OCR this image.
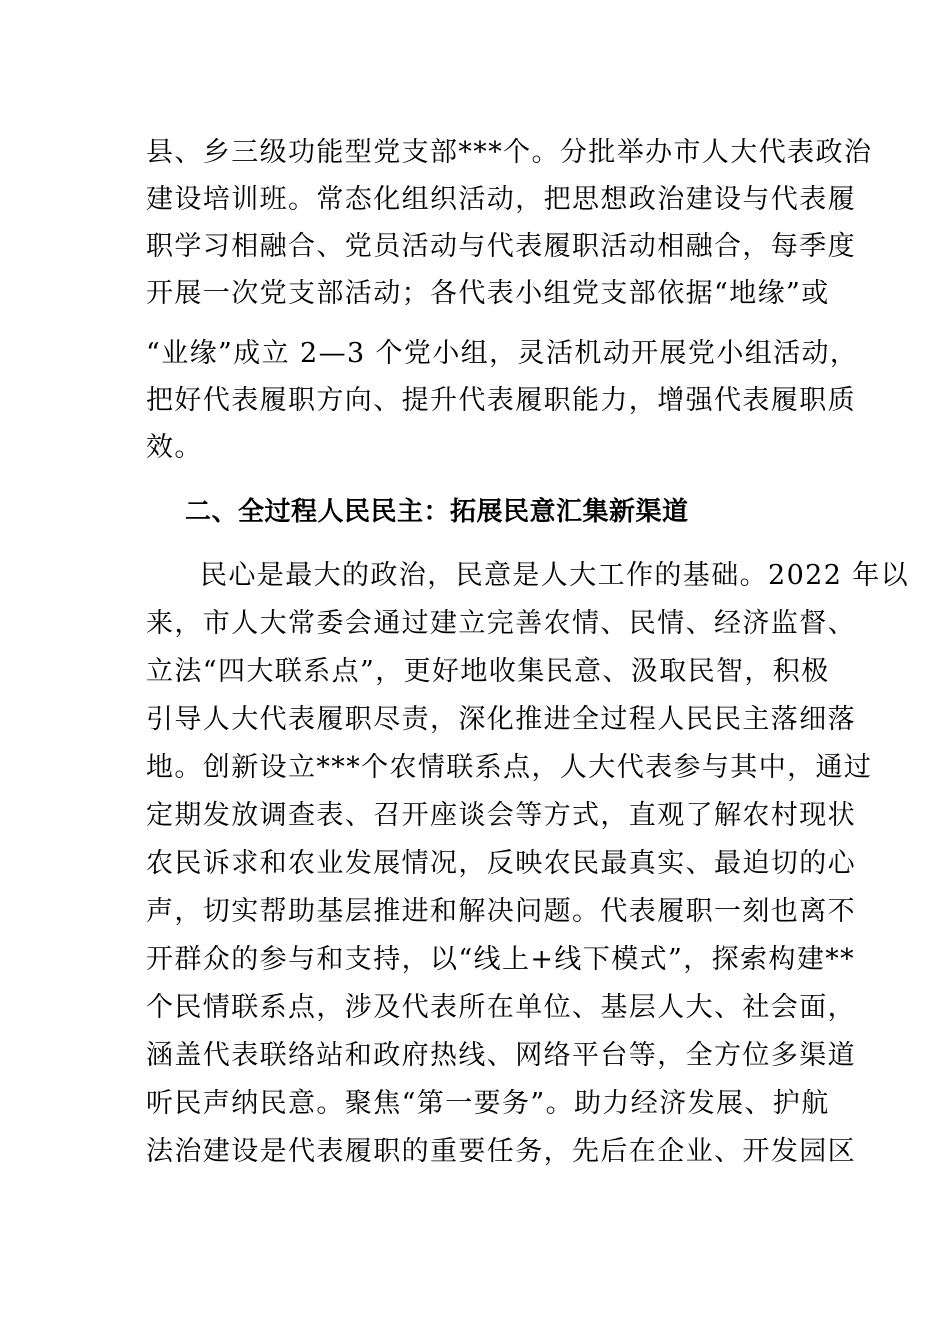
县、乡三级功能型党支部***个。分批举办市人大代表政治
建设培训班。常态化组织活动，把思想政治建设与代表履
职学习相融合、党员活动与代表履职活动相融合，每季度
开展一次党支部活动；各代表小组党支部依据“地缘”或
“业缘”成立 2—3 个党小组，灵活机动开展党小组活动，
把好代表履职方向、提升代表履职能力，增强代表履职质
效。
二、全过程人民民主：拓展民意汇集新渠道
民心是最大的政治，民意是人大工作的基础。2022 年以
来，市人大常委会通过建立完善农情、民情、经济监督、
立法“四大联系点”，更好地收集民意、汲取民智，积极
引导人大代表履职尽责，深化推进全过程人民民主落细落
地。创新设立***个农情联系点，人大代表参与其中，通过
定期发放调查表、召开座谈会等方式，直观了解农村现状
农民诉求和农业发展情况，反映农民最真实、最迫切的心
声，切实帮助基层推进和解决问题。代表履职一刻也离不
开群众的参与和支持，以“线上+线下模式”，探索构建**
个民情联系点，涉及代表所在单位、基层人大、社会面，
涵盖代表联络站和政府热线、网络平台等，全方位多渠道
听民声纳民意。聚焦“第一要务”。助力经济发展、护航
法治建设是代表履职的重要任务，先后在企业、开发园区
